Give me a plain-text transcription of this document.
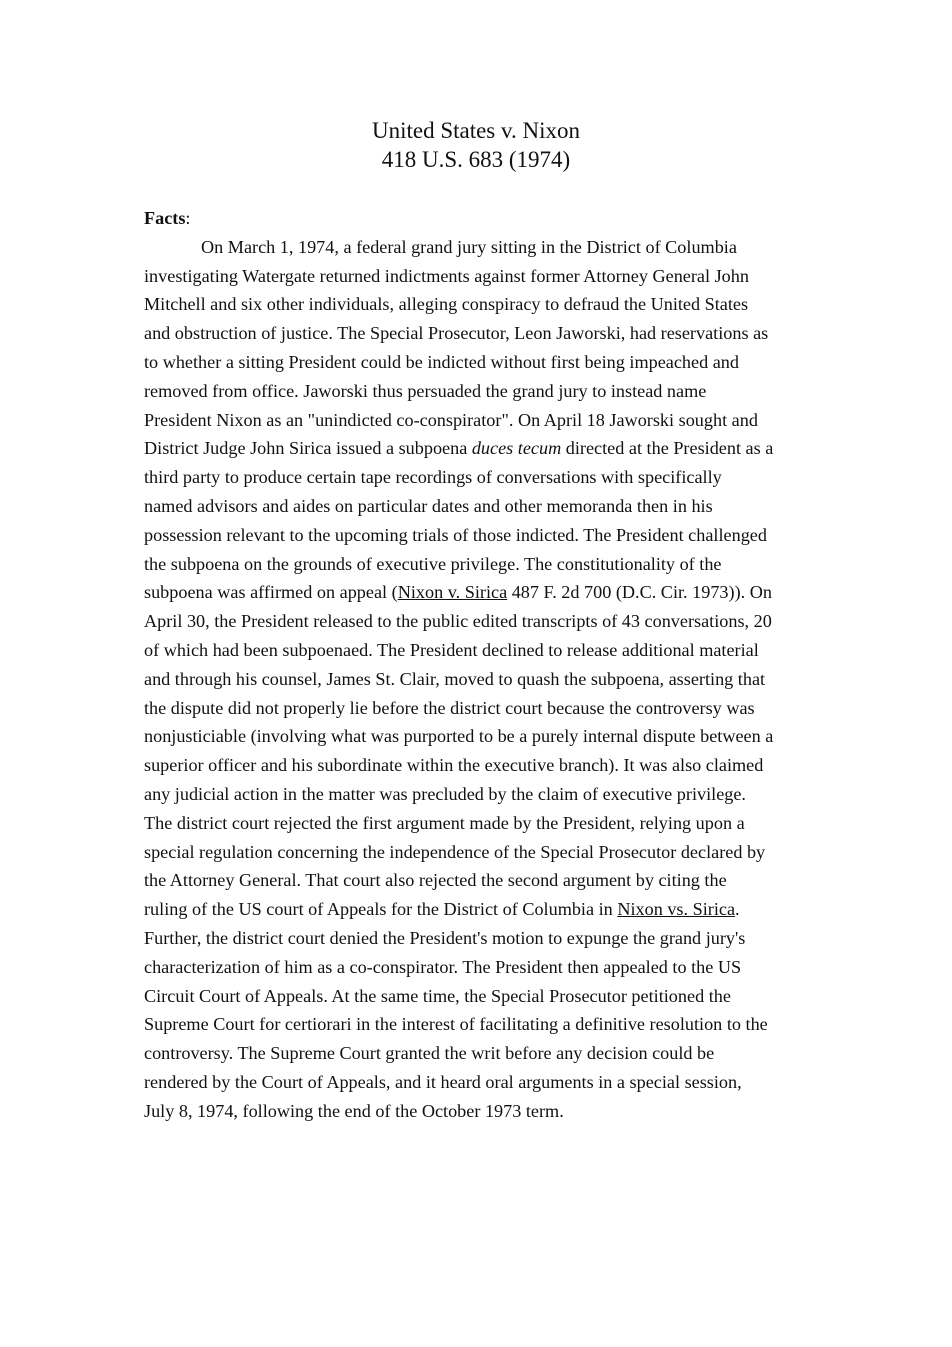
United States v. Nixon
418 U.S. 683 (1974)
Facts:
On March 1, 1974, a federal grand jury sitting in the District of Columbia
investigating Watergate returned indictments against former Attorney General John
Mitchell and six other individuals, alleging conspiracy to defraud the United States
and obstruction of justice. The Special Prosecutor, Leon Jaworski, had reservations as
to whether a sitting President could be indicted without first being impeached and
removed from office. Jaworski thus persuaded the grand jury to instead name
President Nixon as an "unindicted co-conspirator". On April 18 Jaworski sought and
District Judge John Sirica issued a subpoena duces tecum directed at the President as a
third party to produce certain tape recordings of conversations with specifically
named advisors and aides on particular dates and other memoranda then in his
possession relevant to the upcoming trials of those indicted. The President challenged
the subpoena on the grounds of executive privilege. The constitutionality of the
subpoena was affirmed on appeal (Nixon v. Sirica 487 F. 2d 700 (D.C. Cir. 1973)). On
April 30, the President released to the public edited transcripts of 43 conversations, 20
of which had been subpoenaed. The President declined to release additional material
and through his counsel, James St. Clair, moved to quash the subpoena, asserting that
the dispute did not properly lie before the district court because the controversy was
nonjusticiable (involving what was purported to be a purely internal dispute between a
superior officer and his subordinate within the executive branch). It was also claimed
any judicial action in the matter was precluded by the claim of executive privilege.
The district court rejected the first argument made by the President, relying upon a
special regulation concerning the independence of the Special Prosecutor declared by
the Attorney General. That court also rejected the second argument by citing the
ruling of the US court of Appeals for the District of Columbia in Nixon vs. Sirica.
Further, the district court denied the President's motion to expunge the grand jury's
characterization of him as a co-conspirator. The President then appealed to the US
Circuit Court of Appeals. At the same time, the Special Prosecutor petitioned the
Supreme Court for certiorari in the interest of facilitating a definitive resolution to the
controversy. The Supreme Court granted the writ before any decision could be
rendered by the Court of Appeals, and it heard oral arguments in a special session,
July 8, 1974, following the end of the October 1973 term.
